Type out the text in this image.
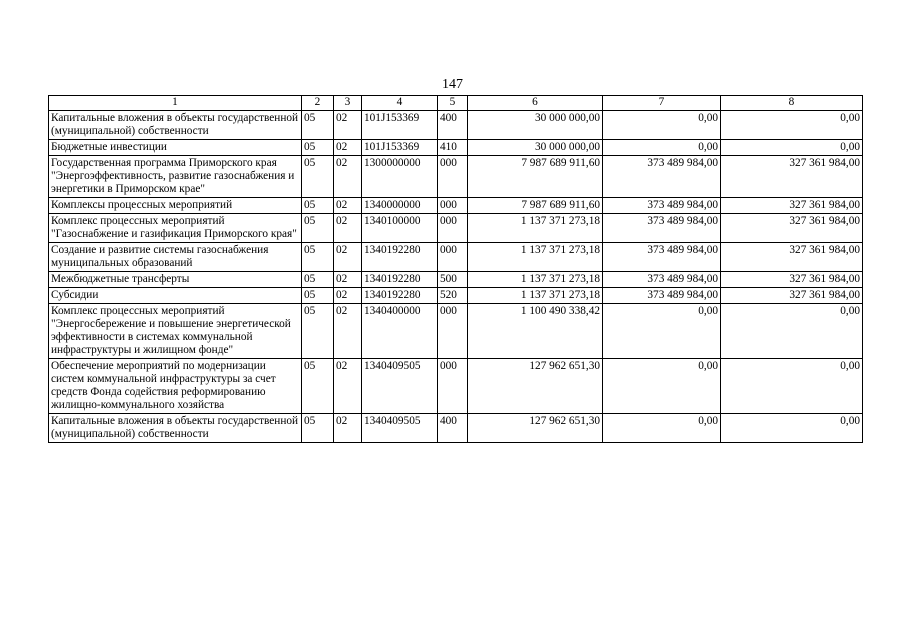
147
1	2	3	4	5	6	7	8
Капитальные вложения в объекты государственной (муниципальной) собственности	05	02	101J153369	400	30 000 000,00	0,00	0,00
Бюджетные инвестиции	05	02	101J153369	410	30 000 000,00	0,00	0,00
Государственная программа Приморского края "Энергоэффективность, развитие газоснабжения и энергетики в Приморском крае"	05	02	1300000000	000	7 987 689 911,60	373 489 984,00	327 361 984,00
Комплексы процессных мероприятий	05	02	1340000000	000	7 987 689 911,60	373 489 984,00	327 361 984,00
Комплекс процессных мероприятий "Газоснабжение и газификация Приморского края"	05	02	1340100000	000	1 137 371 273,18	373 489 984,00	327 361 984,00
Создание и развитие системы газоснабжения муниципальных образований	05	02	1340192280	000	1 137 371 273,18	373 489 984,00	327 361 984,00
Межбюджетные трансферты	05	02	1340192280	500	1 137 371 273,18	373 489 984,00	327 361 984,00
Субсидии	05	02	1340192280	520	1 137 371 273,18	373 489 984,00	327 361 984,00
Комплекс процессных мероприятий "Энергосбережение и повышение энергетической эффективности в системах коммунальной инфраструктуры и жилищном фонде"	05	02	1340400000	000	1 100 490 338,42	0,00	0,00
Обеспечение мероприятий по модернизации систем коммунальной инфраструктуры за счет средств Фонда содействия реформированию жилищно-коммунального хозяйства	05	02	1340409505	000	127 962 651,30	0,00	0,00
Капитальные вложения в объекты государственной (муниципальной) собственности	05	02	1340409505	400	127 962 651,30	0,00	0,00
